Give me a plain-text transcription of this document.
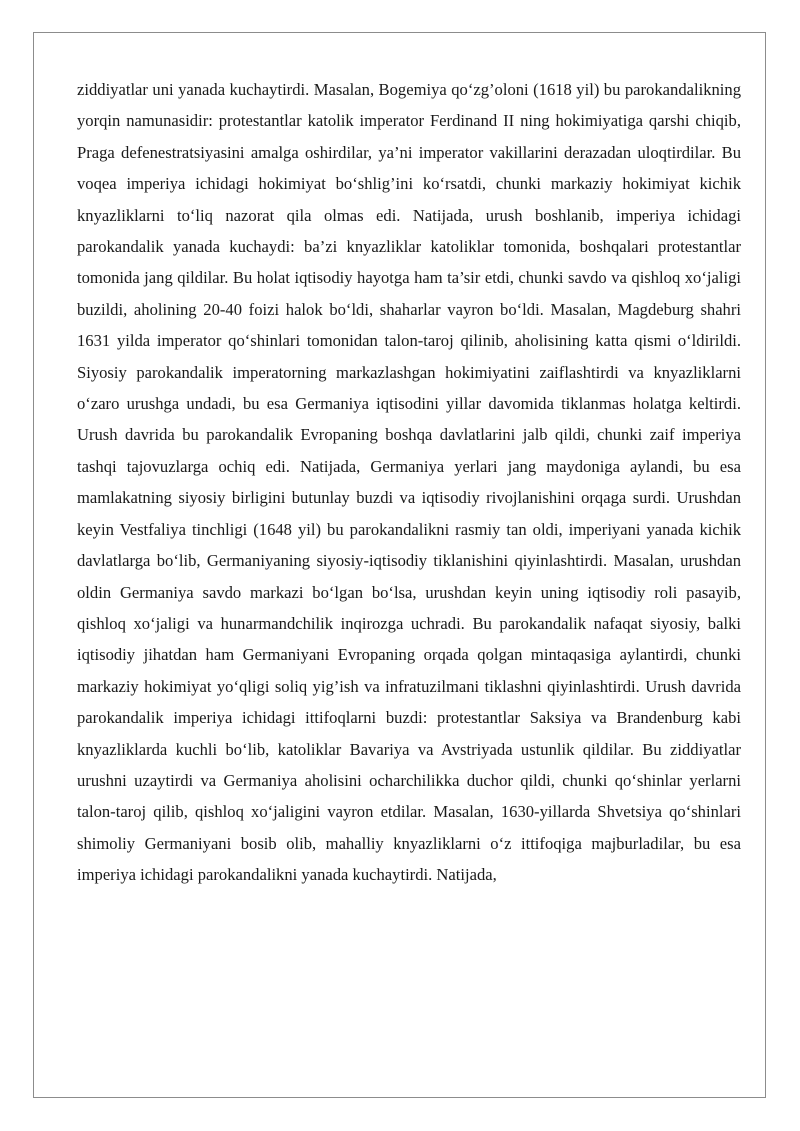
ziddiyatlar uni yanada kuchaytirdi. Masalan, Bogemiya qo‘zg’oloni (1618 yil) bu parokandalikning yorqin namunasidir: protestantlar katolik imperator Ferdinand II ning hokimiyatiga qarshi chiqib, Praga defenestratsiyasini amalga oshirdilar, ya’ni imperator vakillarini derazadan uloqtirdilar. Bu voqea imperiya ichidagi hokimiyat bo‘shlig’ini ko‘rsatdi, chunki markaziy hokimiyat kichik knyazliklarni to‘liq nazorat qila olmas edi. Natijada, urush boshlanib, imperiya ichidagi parokandalik yanada kuchaydi: ba’zi knyazliklar katoliklar tomonida, boshqalari protestantlar tomonida jang qildilar. Bu holat iqtisodiy hayotga ham ta’sir etdi, chunki savdo va qishloq xo‘jaligi buzildi, aholining 20-40 foizi halok bo‘ldi, shaharlar vayron bo‘ldi. Masalan, Magdeburg shahri 1631 yilda imperator qo‘shinlari tomonidan talon-taroj qilinib, aholisining katta qismi o‘ldirildi. Siyosiy parokandalik imperatorning markazlashgan hokimiyatini zaiflashtirdi va knyazliklarni o‘zaro urushga undadi, bu esa Germaniya iqtisodini yillar davomida tiklanmas holatga keltirdi. Urush davrida bu parokandalik Evropaning boshqa davlatlarini jalb qildi, chunki zaif imperiya tashqi tajovuzlarga ochiq edi. Natijada, Germaniya yerlari jang maydoniga aylandi, bu esa mamlakatning siyosiy birligini butunlay buzdi va iqtisodiy rivojlanishini orqaga surdi. Urushdan keyin Vestfaliya tinchligi (1648 yil) bu parokandalikni rasmiy tan oldi, imperiyani yanada kichik davlatlarga bo‘lib, Germaniyaning siyosiy-iqtisodiy tiklanishini qiyinlashtirdi. Masalan, urushdan oldin Germaniya savdo markazi bo‘lgan bo‘lsa, urushdan keyin uning iqtisodiy roli pasayib, qishloq xo‘jaligi va hunarmandchilik inqirozga uchradi. Bu parokandalik nafaqat siyosiy, balki iqtisodiy jihatdan ham Germaniyani Evropaning orqada qolgan mintaqasiga aylantirdi, chunki markaziy hokimiyat yo‘qligi soliq yig’ish va infratuzilmani tiklashni qiyinlashtirdi. Urush davrida parokandalik imperiya ichidagi ittifoqlarni buzdi: protestantlar Saksiya va Brandenburg kabi knyazliklarda kuchli bo‘lib, katoliklar Bavariya va Avstriyada ustunlik qildilar. Bu ziddiyatlar urushni uzaytirdi va Germaniya aholisini ocharchilikka duchor qildi, chunki qo‘shinlar yerlarni talon-taroj qilib, qishloq xo‘jaligini vayron etdilar. Masalan, 1630-yillarda Shvetsiya qo‘shinlari shimoliy Germaniyani bosib olib, mahalliy knyazliklarni o‘z ittifoqiga majburladilar, bu esa imperiya ichidagi parokandalikni yanada kuchaytirdi. Natijada,
